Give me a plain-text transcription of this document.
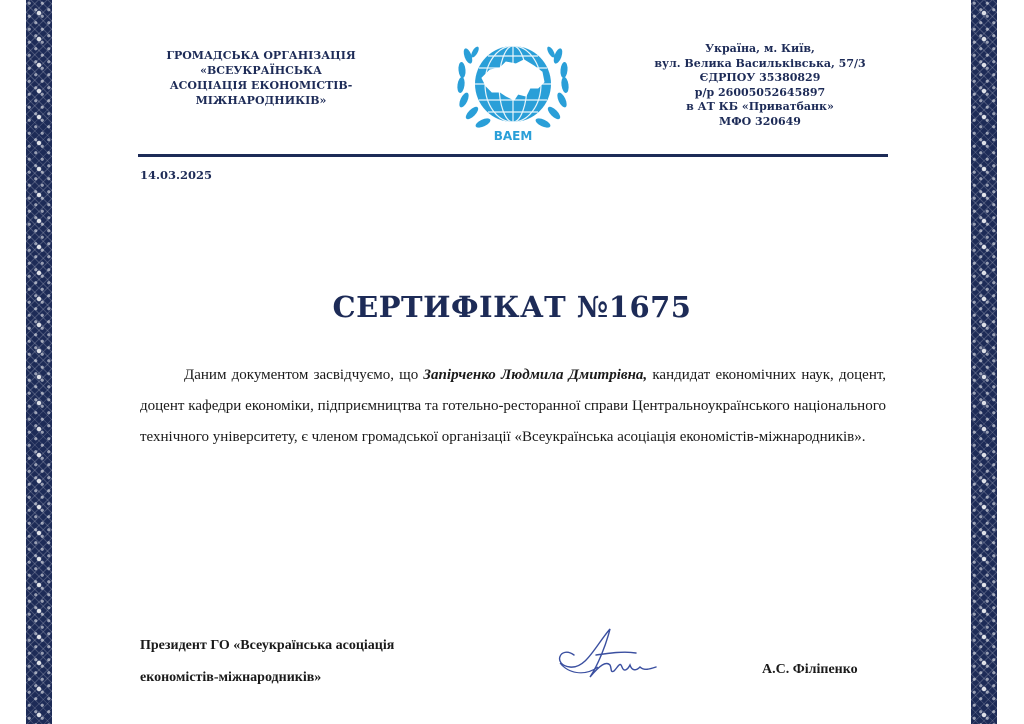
ГРОМАДСЬКА ОРГАНІЗАЦІЯ
«ВСЕУКРАЇНСЬКА
АСОЦІАЦІЯ ЕКОНОМІСТІВ-
МІЖНАРОДНИКІВ»
ВАЕМ
Україна, м. Київ,
вул. Велика Васильківська, 57/3
ЄДРПОУ 35380829
р/р 26005052645897
в АТ КБ «Приватбанк»
МФО 320649
14.03.2025
СЕРТИФІКАТ №1675
Даним документом засвідчуємо, що Запірченко Людмила Дмитрівна, кандидат економічних наук, доцент, доцент кафедри економіки, підприємництва та готельно-ресторанної справи Центральноукраїнського національного технічного університету, є членом громадської організації «Всеукраїнська асоціація економістів-міжнародників».
Президент ГО «Всеукраїнська асоціація
економістів-міжнародників»
А.С. Філіпенко
